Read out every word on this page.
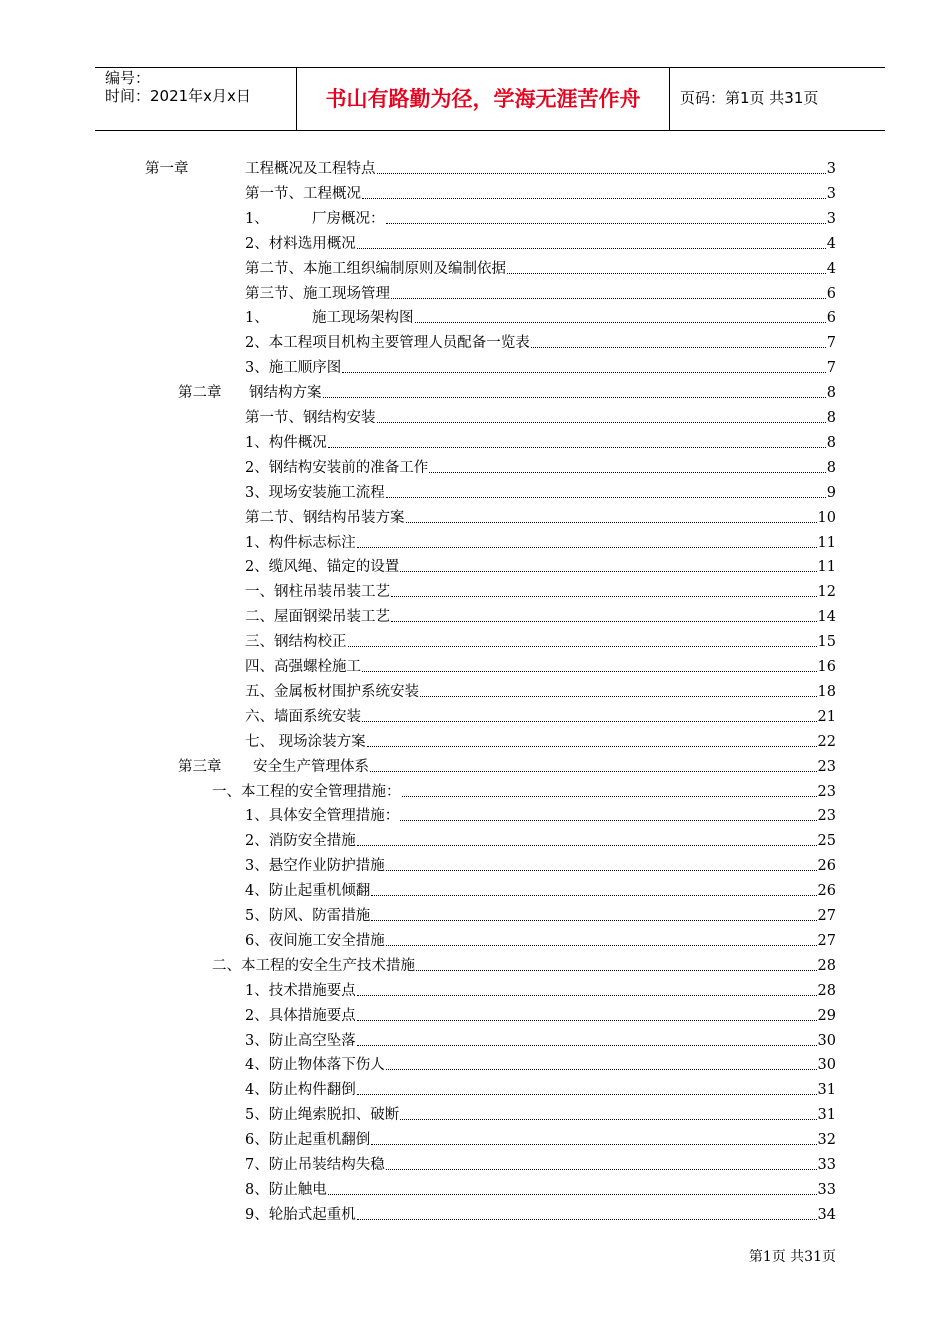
编号：
时间：2021年x月x日	书山有路勤为径，学海无涯苦作舟	页码：第1页 共31页
第一章	工程概况及工程特点	3
第一节、工程概况	3
1、	厂房概况：	3
2、材料选用概况	4
第二节、本施工组织编制原则及编制依据	4
第三节、施工现场管理	6
1、	施工现场架构图	6
2、本工程项目机构主要管理人员配备一览表	7
3、施工顺序图	7
第二章	钢结构方案	8
第一节、钢结构安装	8
1、构件概况	8
2、钢结构安装前的准备工作	8
3、现场安装施工流程	9
第二节、钢结构吊装方案	10
1、构件标志标注	11
2、缆风绳、锚定的设置	11
一、钢柱吊装吊装工艺	12
二、屋面钢梁吊装工艺	14
三、钢结构校正	15
四、高强螺栓施工	16
五、金属板材围护系统安装	18
六、墙面系统安装	21
七、 现场涂装方案	22
第三章	安全生产管理体系	23
一、本工程的安全管理措施：	23
1、具体安全管理措施：	23
2、消防安全措施	25
3、悬空作业防护措施	26
4、防止起重机倾翻	26
5、防风、防雷措施	27
6、夜间施工安全措施	27
二、本工程的安全生产技术措施	28
1、技术措施要点	28
2、具体措施要点	29
3、防止高空坠落	30
4、防止物体落下伤人	30
4、防止构件翻倒	31
5、防止绳索脱扣、破断	31
6、防止起重机翻倒	32
7、防止吊装结构失稳	33
8、防止触电	33
9、轮胎式起重机	34
第1页 共31页
